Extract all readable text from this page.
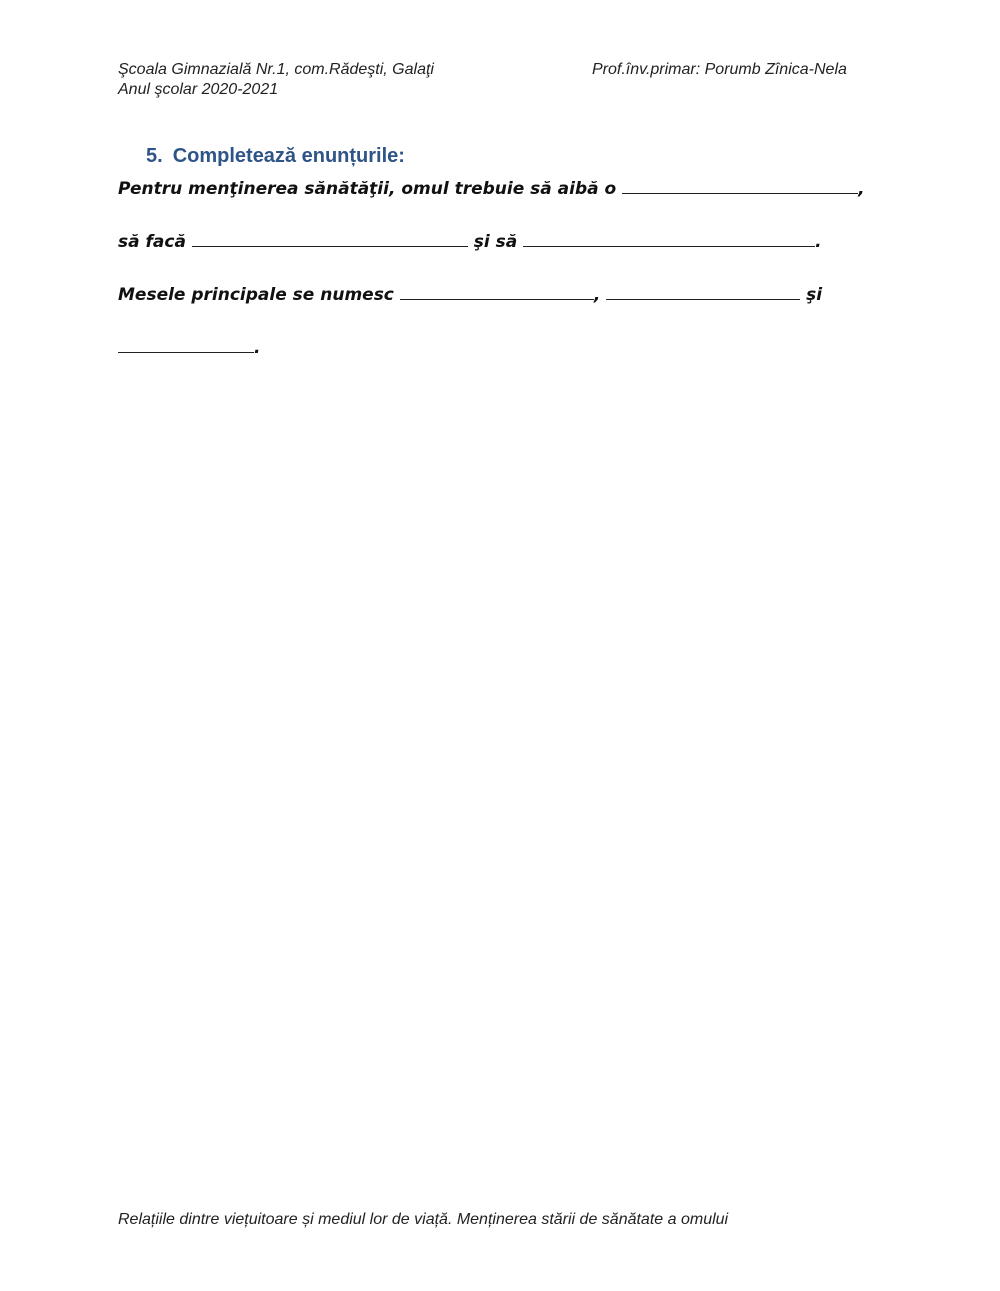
Şcoala Gimnazială Nr.1, com.Rădeşti, Galaţi
Anul şcolar 2020-2021
Prof.înv.primar: Porumb Zînica-Nela
5. Completează enunțurile:
Pentru menţinerea sănătăţii, omul trebuie să aibă o	,
să facă	şi să	.
Mesele principale se numesc	,	şi
.
Relațiile dintre viețuitoare și mediul lor de viață. Menținerea stării de sănătate a omului
